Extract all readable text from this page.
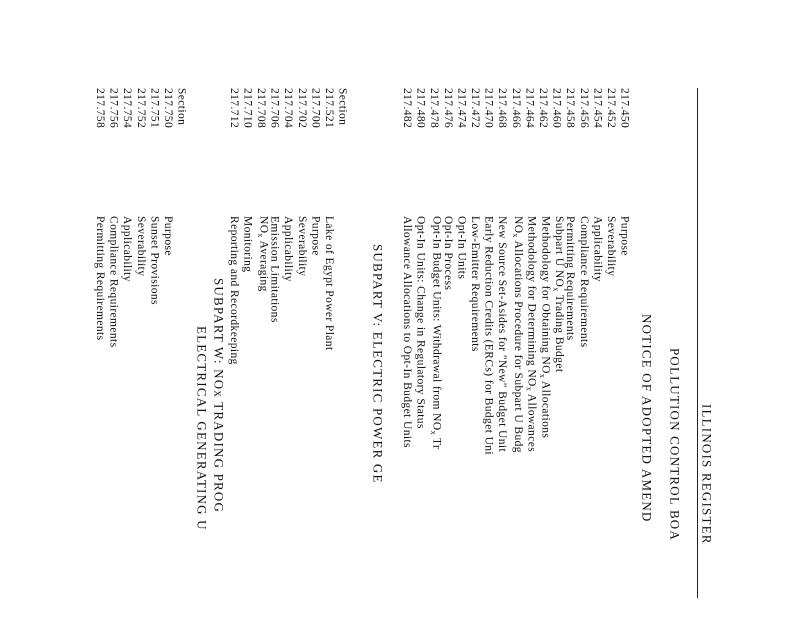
ILLINOIS REGISTER
POLLUTION CONTROL BOA
NOTICE OF ADOPTED AMEND
217.450
Purpose
217.452
Severability
217.454
Applicability
217.456
Compliance Requirements
217.458
Permitting Requirements
217.460
Subpart U $NO_x$ Trading Budget
217.462
Methodology for Obtaining $NO_x$ Allocations
217.464
Methodology for Determining $NO_x$ Allowances
217.466
$NO_x$ Allocations Procedure for Subpart U Budg
217.468
New Source Set-Asides for "New" Budget Unit
217.470
Early Reduction Credits (ERCs) for Budget Uni
217.472
Low-Emitter Requirements
217.474
Opt-In Units
217.476
Opt-In Process
217.478
Opt-In Budget Units: Withdrawal from $NO_x$ Tr
217.480
Opt-In Units: Change in Regulatory Status
217.482
Allowance Allocations to Opt-In Budget Units
SUBPART V: ELECTRIC POWER GE
Section
217.521
Lake of Egypt Power Plant
217.700
Purpose
217.702
Severability
217.704
Applicability
217.706
Emission Limitations
217.708
$NO_x$ Averaging
217.710
Monitoring
217.712
Reporting and Recordkeeping
SUBPART W: NOx TRADING PROG
ELECTRICAL GENERATING U
Section
217.750
Purpose
217.751
Sunset Provisions
217.752
Severability
217.754
Applicability
217.756
Compliance Requirements
217.758
Permitting Requirements
